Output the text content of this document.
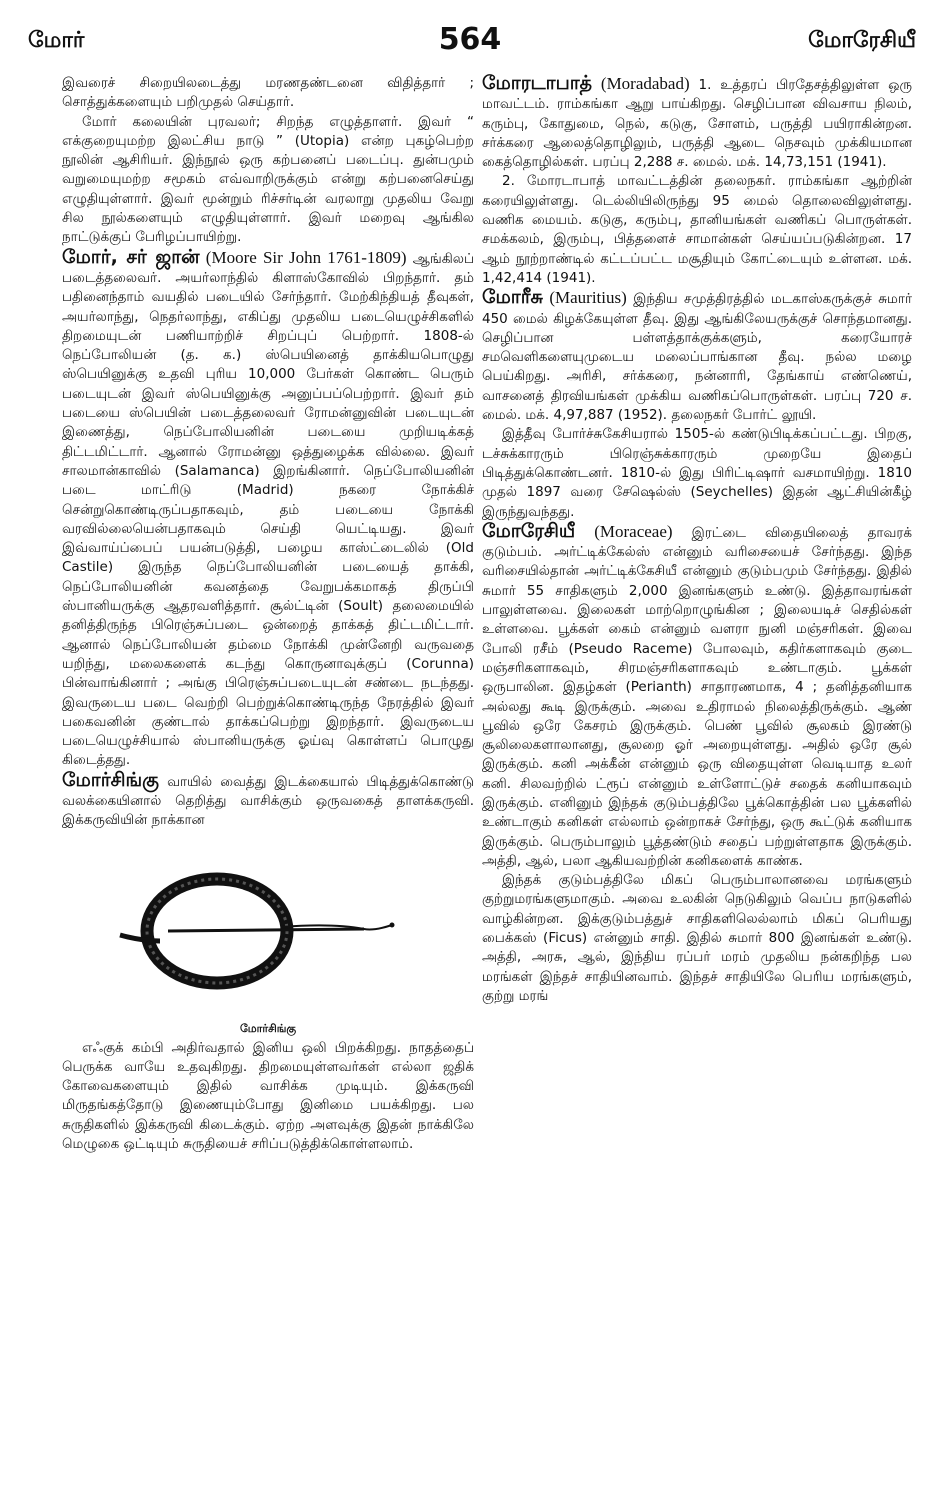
மோர்	564	மோரேசியீ

இவரைச் சிறையிலடைத்து மரணதண்டனை விதித்தார் ; சொத்துக்களையும் பறிமுதல் செய்தார்.

மோர் கலையின் புரவலர்; சிறந்த எழுத்தாளர். இவர் “ எக்குறையுமற்ற இலட்சிய நாடு ” (Utopia) என்ற புகழ்பெற்ற நூலின் ஆசிரியர். இந்நூல் ஒரு கற்பனைப் படைப்பு. துன்பமும் வறுமையுமற்ற சமூகம் எவ்வாறிருக்கும் என்று கற்பனைசெய்து எழுதியுள்ளார். இவர் மூன்றும் ரிச்சர்டின் வரலாறு முதலிய வேறு சில நூல்களையும் எழுதியுள்ளார். இவர் மறைவு ஆங்கில நாட்டுக்குப் பேரிழப்பாயிற்று.

மோர், சர் ஜான் (Moore Sir John 1761-1809) ஆங்கிலப் படைத்தலைவர். அயர்லாந்தில் கிளாஸ்கோவில் பிறந்தார். தம் பதினைந்தாம் வயதில் படையில் சேர்ந்தார். மேற்கிந்தியத் தீவுகள், அயர்லாந்து, நெதர்லாந்து, எகிப்து முதலிய படையெழுச்சிகளில் திறமையுடன் பணியாற்றிச் சிறப்புப் பெற்றார். 1808-ல் நெப்போலியன் (த. க.) ஸ்பெயினைத் தாக்கியபொழுது ஸ்பெயினுக்கு உதவி புரிய 10,000 பேர்கள் கொண்ட பெரும் படையுடன் இவர் ஸ்பெயினுக்கு அனுப்பப்பெற்றார். இவர் தம் படையை ஸ்பெயின் படைத்தலைவர் ரோமன்னுவின் படையுடன் இணைத்து, நெப்போலியனின் படையை முறியடிக்கத் திட்டமிட்டார். ஆனால் ரோமன்னு ஒத்துழைக்க வில்லை. இவர் சாலமான்காவில் (Salamanca) இறங்கினார். நெப்போலியனின் படை மாட்ரிடு (Madrid) நகரை நோக்கிச் சென்றுகொண்டிருப்பதாகவும், தம் படையை நோக்கி வரவில்லையென்பதாகவும் செய்தி யெட்டியது. இவர் இவ்வாய்ப்பைப் பயன்படுத்தி, பழைய காஸ்ட்டைலில் (Old Castile) இருந்த நெப்போலியனின் படையைத் தாக்கி, நெப்போலியனின் கவனத்தை வேறுபக்கமாகத் திருப்பி ஸ்பானியருக்கு ஆதரவளித்தார். சூல்ட்டின் (Soult) தலைமையில் தனித்திருந்த பிரெஞ்சுப்படை ஒன்றைத் தாக்கத் திட்டமிட்டார். ஆனால் நெப்போலியன் தம்மை நோக்கி முன்னேறி வருவதை யறிந்து, மலைகளைக் கடந்து கொருனாவுக்குப் (Corunna) பின்வாங்கினார் ; அங்கு பிரெஞ்சுப்படையுடன் சண்டை நடந்தது. இவருடைய படை வெற்றி பெற்றுக்கொண்டிருந்த நேரத்தில் இவர் பகைவனின் குண்டால் தாக்கப்பெற்று இறந்தார். இவருடைய படையெழுச்சியால் ஸ்பானியருக்கு ஓய்வு கொள்ளப் பொழுது கிடைத்தது.

மோர்சிங்கு வாயில் வைத்து இடக்கையால் பிடித்துக்கொண்டு வலக்கையினால் தெறித்து வாசிக்கும் ஒருவகைத் தாளக்கருவி. இக்கருவியின் நாக்கான

மோர்சிங்கு

எஃகுக் கம்பி அதிர்வதால் இனிய ஒலி பிறக்கிறது. நாதத்தைப் பெருக்க வாயே உதவுகிறது. திறமையுள்ளவர்கள் எல்லா ஜதிக் கோவைகளையும் இதில் வாசிக்க முடியும். இக்கருவி மிருதங்கத்தோடு இணையும்போது இனிமை பயக்கிறது. பல சுருதிகளில் இக்கருவி கிடைக்கும். ஏற்ற அளவுக்கு இதன் நாக்கிலே மெழுகை ஒட்டியும் சுருதியைச் சரிப்படுத்திக்கொள்ளலாம்.

மோரடாபாத் (Moradabad) 1. உத்தரப் பிரதேசத்திலுள்ள ஒரு மாவட்டம். ராம்கங்கா ஆறு பாய்கிறது. செழிப்பான விவசாய நிலம், கரும்பு, கோதுமை, நெல், கடுகு, சோளம், பருத்தி பயிராகின்றன. சர்க்கரை ஆலைத்தொழிலும், பருத்தி ஆடை நெசவும் முக்கியமான கைத்தொழில்கள். பரப்பு 2,288 ச. மைல். மக். 14,73,151 (1941).

2. மோரடாபாத் மாவட்டத்தின் தலைநகர். ராம்கங்கா ஆற்றின் கரையிலுள்ளது. டெல்லியிலிருந்து 95 மைல் தொலைவிலுள்ளது. வணிக மையம். கடுகு, கரும்பு, தானியங்கள் வணிகப் பொருள்கள். சமக்கலம், இரும்பு, பித்தளைச் சாமான்கள் செய்யப்படுகின்றன. 17 ஆம் நூற்றாண்டில் கட்டப்பட்ட மசூதியும் கோட்டையும் உள்ளன. மக். 1,42,414 (1941).

மோரீசு (Mauritius) இந்திய சமுத்திரத்தில் மடகாஸ்கருக்குச் சுமார் 450 மைல் கிழக்கேயுள்ள தீவு. இது ஆங்கிலேயருக்குச் சொந்தமானது. செழிப்பான பள்ளத்தாக்குக்களும், கரையோரச் சமவெளிகளையுமுடைய மலைப்பாங்கான தீவு. நல்ல மழை பெய்கிறது. அரிசி, சர்க்கரை, நன்னாரி, தேங்காய் எண்ணெய், வாசனைத் திரவியங்கள் முக்கிய வணிகப்பொருள்கள். பரப்பு 720 ச. மைல். மக். 4,97,887 (1952). தலைநகர் போர்ட் லூயி.

இத்தீவு போர்ச்சுகேசியரால் 1505-ல் கண்டுபிடிக்கப்பட்டது. பிறகு, டச்சுக்காரரும் பிரெஞ்சுக்காரரும் முறையே இதைப் பிடித்துக்கொண்டனர். 1810-ல் இது பிரிட்டிஷார் வசமாயிற்று. 1810 முதல் 1897 வரை சேஷெல்ஸ் (Seychelles) இதன் ஆட்சியின்கீழ் இருந்துவந்தது.

மோரேசியீ (Moraceae) இரட்டை விதையிலைத் தாவரக் குடும்பம். அர்ட்டிக்கேல்ஸ் என்னும் வரிசையைச் சேர்ந்தது. இந்த வரிசையில்தான் அர்ட்டிக்கேசியீ என்னும் குடும்பமும் சேர்ந்தது. இதில் சுமார் 55 சாதிகளும் 2,000 இனங்களும் உண்டு. இத்தாவரங்கள் பாலுள்ளவை. இலைகள் மாற்றொழுங்கின ; இலையடிச் செதில்கள் உள்ளவை. பூக்கள் கைம் என்னும் வளரா நுனி மஞ்சரிகள். இவை போலி ரசீம் (Pseudo Raceme) போலவும், கதிர்களாகவும் குடை மஞ்சரிகளாகவும், சிரமஞ்சரிகளாகவும் உண்டாகும். பூக்கள் ஒருபாலின. இதழ்கள் (Perianth) சாதாரணமாக, 4 ; தனித்தனியாக அல்லது கூடி இருக்கும். அவை உதிராமல் நிலைத்திருக்கும். ஆண் பூவில் ஒரே கேசரம் இருக்கும். பெண் பூவில் சூலகம் இரண்டு சூலிலைகளாலானது, சூலறை ஓர் அறையுள்ளது. அதில் ஒரே சூல் இருக்கும். கனி அக்கீன் என்னும் ஒரு விதையுள்ள வெடியாத உலர் கனி. சிலவற்றில் ட்ரூப் என்னும் உள்ளோட்டுச் சதைக் கனியாகவும் இருக்கும். எனினும் இந்தக் குடும்பத்திலே பூக்கொத்தின் பல பூக்களில் உண்டாகும் கனிகள் எல்லாம் ஒன்றாகச் சேர்ந்து, ஒரு கூட்டுக் கனியாக இருக்கும். பெரும்பாலும் பூத்தண்டும் சதைப் பற்றுள்ளதாக இருக்கும். அத்தி, ஆல், பலா ஆகியவற்றின் கனிகளைக் காண்க.

இந்தக் குடும்பத்திலே மிகப் பெரும்பாலானவை மரங்களும் குற்றுமரங்களுமாகும். அவை உலகின் நெடுகிலும் வெப்ப நாடுகளில் வாழ்கின்றன. இக்குடும்பத்துச் சாதிகளிலெல்லாம் மிகப் பெரியது பைக்கஸ் (Ficus) என்னும் சாதி. இதில் சுமார் 800 இனங்கள் உண்டு. அத்தி, அரசு, ஆல், இந்திய ரப்பர் மரம் முதலிய நன்கறிந்த பல மரங்கள் இந்தச் சாதியினவாம். இந்தச் சாதியிலே பெரிய மரங்களும், குற்று மரங்
